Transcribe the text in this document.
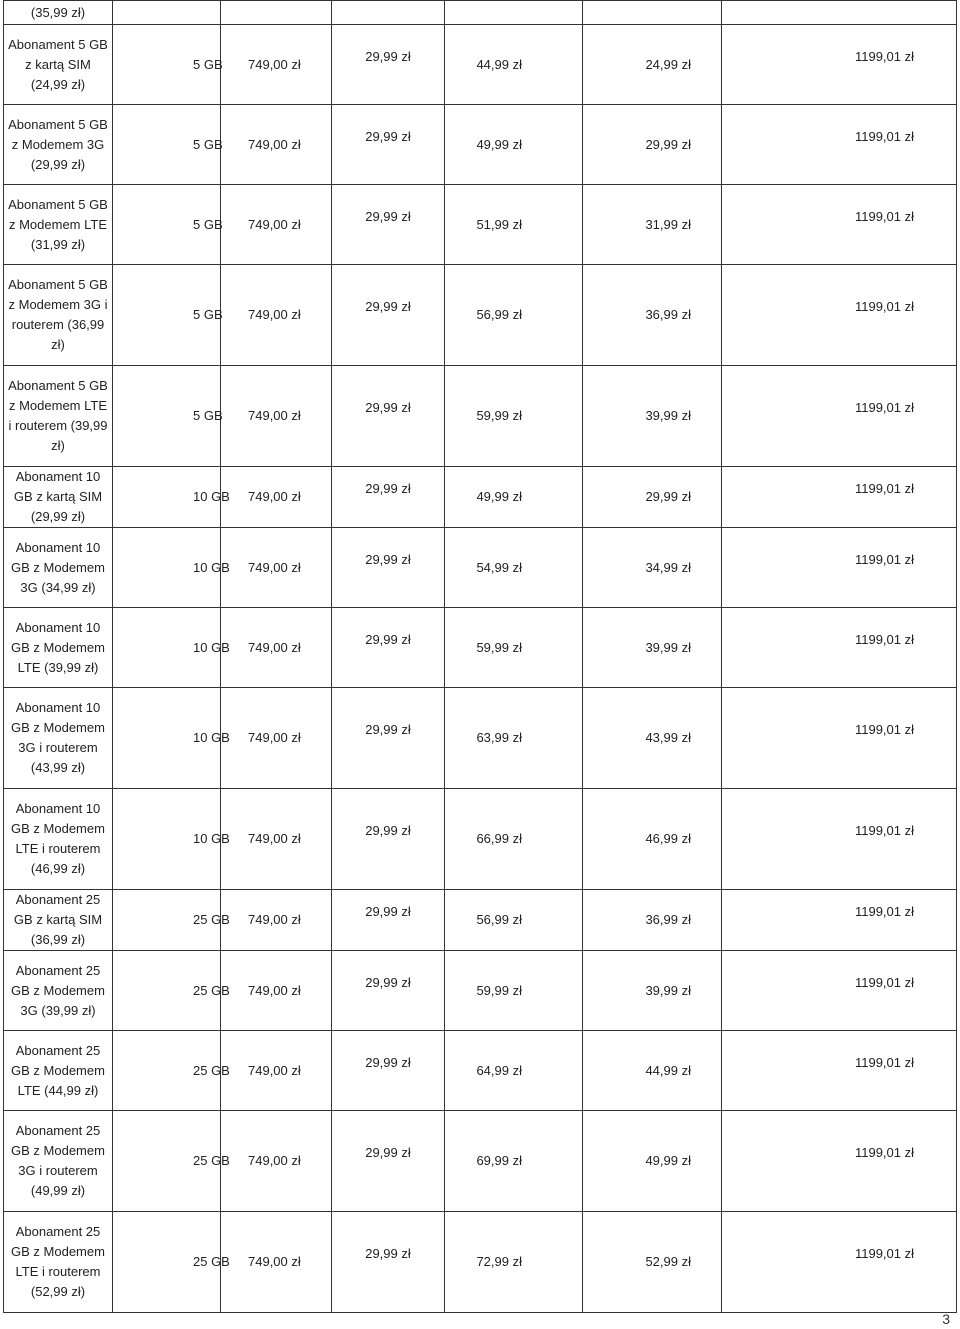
(35,99 zł)						
Abonament 5 GB z kartą SIM (24,99 zł)	5 GB	749,00 zł	29,99 zł	44,99 zł	24,99 zł	1199,01 zł
Abonament 5 GB z Modemem 3G (29,99 zł)	5 GB	749,00 zł	29,99 zł	49,99 zł	29,99 zł	1199,01 zł
Abonament 5 GB z Modemem LTE (31,99 zł)	5 GB	749,00 zł	29,99 zł	51,99 zł	31,99 zł	1199,01 zł
Abonament 5 GB z Modemem 3G i routerem (36,99 zł)	5 GB	749,00 zł	29,99 zł	56,99 zł	36,99 zł	1199,01 zł
Abonament 5 GB z Modemem LTE i routerem (39,99 zł)	5 GB	749,00 zł	29,99 zł	59,99 zł	39,99 zł	1199,01 zł
Abonament 10 GB z kartą SIM (29,99 zł)	10 GB	749,00 zł	29,99 zł	49,99 zł	29,99 zł	1199,01 zł
Abonament 10 GB z Modemem 3G (34,99 zł)	10 GB	749,00 zł	29,99 zł	54,99 zł	34,99 zł	1199,01 zł
Abonament 10 GB z Modemem LTE (39,99 zł)	10 GB	749,00 zł	29,99 zł	59,99 zł	39,99 zł	1199,01 zł
Abonament 10 GB z Modemem 3G i routerem (43,99 zł)	10 GB	749,00 zł	29,99 zł	63,99 zł	43,99 zł	1199,01 zł
Abonament 10 GB z Modemem LTE i routerem (46,99 zł)	10 GB	749,00 zł	29,99 zł	66,99 zł	46,99 zł	1199,01 zł
Abonament 25 GB z kartą SIM (36,99 zł)	25 GB	749,00 zł	29,99 zł	56,99 zł	36,99 zł	1199,01 zł
Abonament 25 GB z Modemem 3G (39,99 zł)	25 GB	749,00 zł	29,99 zł	59,99 zł	39,99 zł	1199,01 zł
Abonament 25 GB z Modemem LTE (44,99 zł)	25 GB	749,00 zł	29,99 zł	64,99 zł	44,99 zł	1199,01 zł
Abonament 25 GB z Modemem 3G i routerem (49,99 zł)	25 GB	749,00 zł	29,99 zł	69,99 zł	49,99 zł	1199,01 zł
Abonament 25 GB z Modemem LTE i routerem (52,99 zł)	25 GB	749,00 zł	29,99 zł	72,99 zł	52,99 zł	1199,01 zł
3
